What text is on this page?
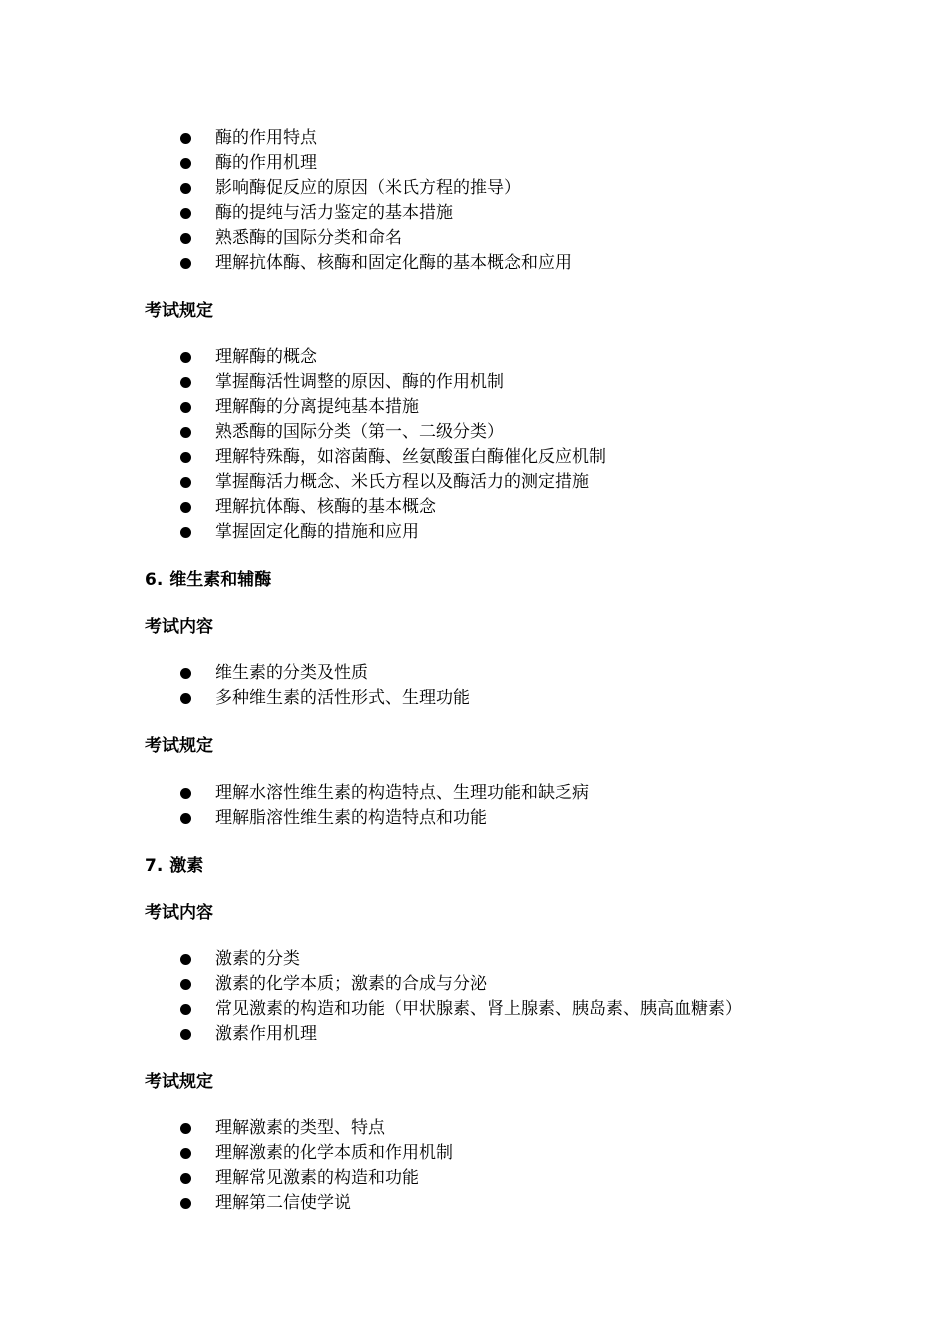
酶的作用特点
酶的作用机理
影响酶促反应的原因（米氏方程的推导）
酶的提纯与活力鉴定的基本措施
熟悉酶的国际分类和命名
理解抗体酶、核酶和固定化酶的基本概念和应用
考试规定
理解酶的概念
掌握酶活性调整的原因、酶的作用机制
理解酶的分离提纯基本措施
熟悉酶的国际分类（第一、二级分类）
理解特殊酶，如溶菌酶、丝氨酸蛋白酶催化反应机制
掌握酶活力概念、米氏方程以及酶活力的测定措施
理解抗体酶、核酶的基本概念
掌握固定化酶的措施和应用
6. 维生素和辅酶
考试内容
维生素的分类及性质
多种维生素的活性形式、生理功能
考试规定
理解水溶性维生素的构造特点、生理功能和缺乏病
理解脂溶性维生素的构造特点和功能
7. 激素
考试内容
激素的分类
激素的化学本质；激素的合成与分泌
常见激素的构造和功能（甲状腺素、肾上腺素、胰岛素、胰高血糖素）
激素作用机理
考试规定
理解激素的类型、特点
理解激素的化学本质和作用机制
理解常见激素的构造和功能
理解第二信使学说
